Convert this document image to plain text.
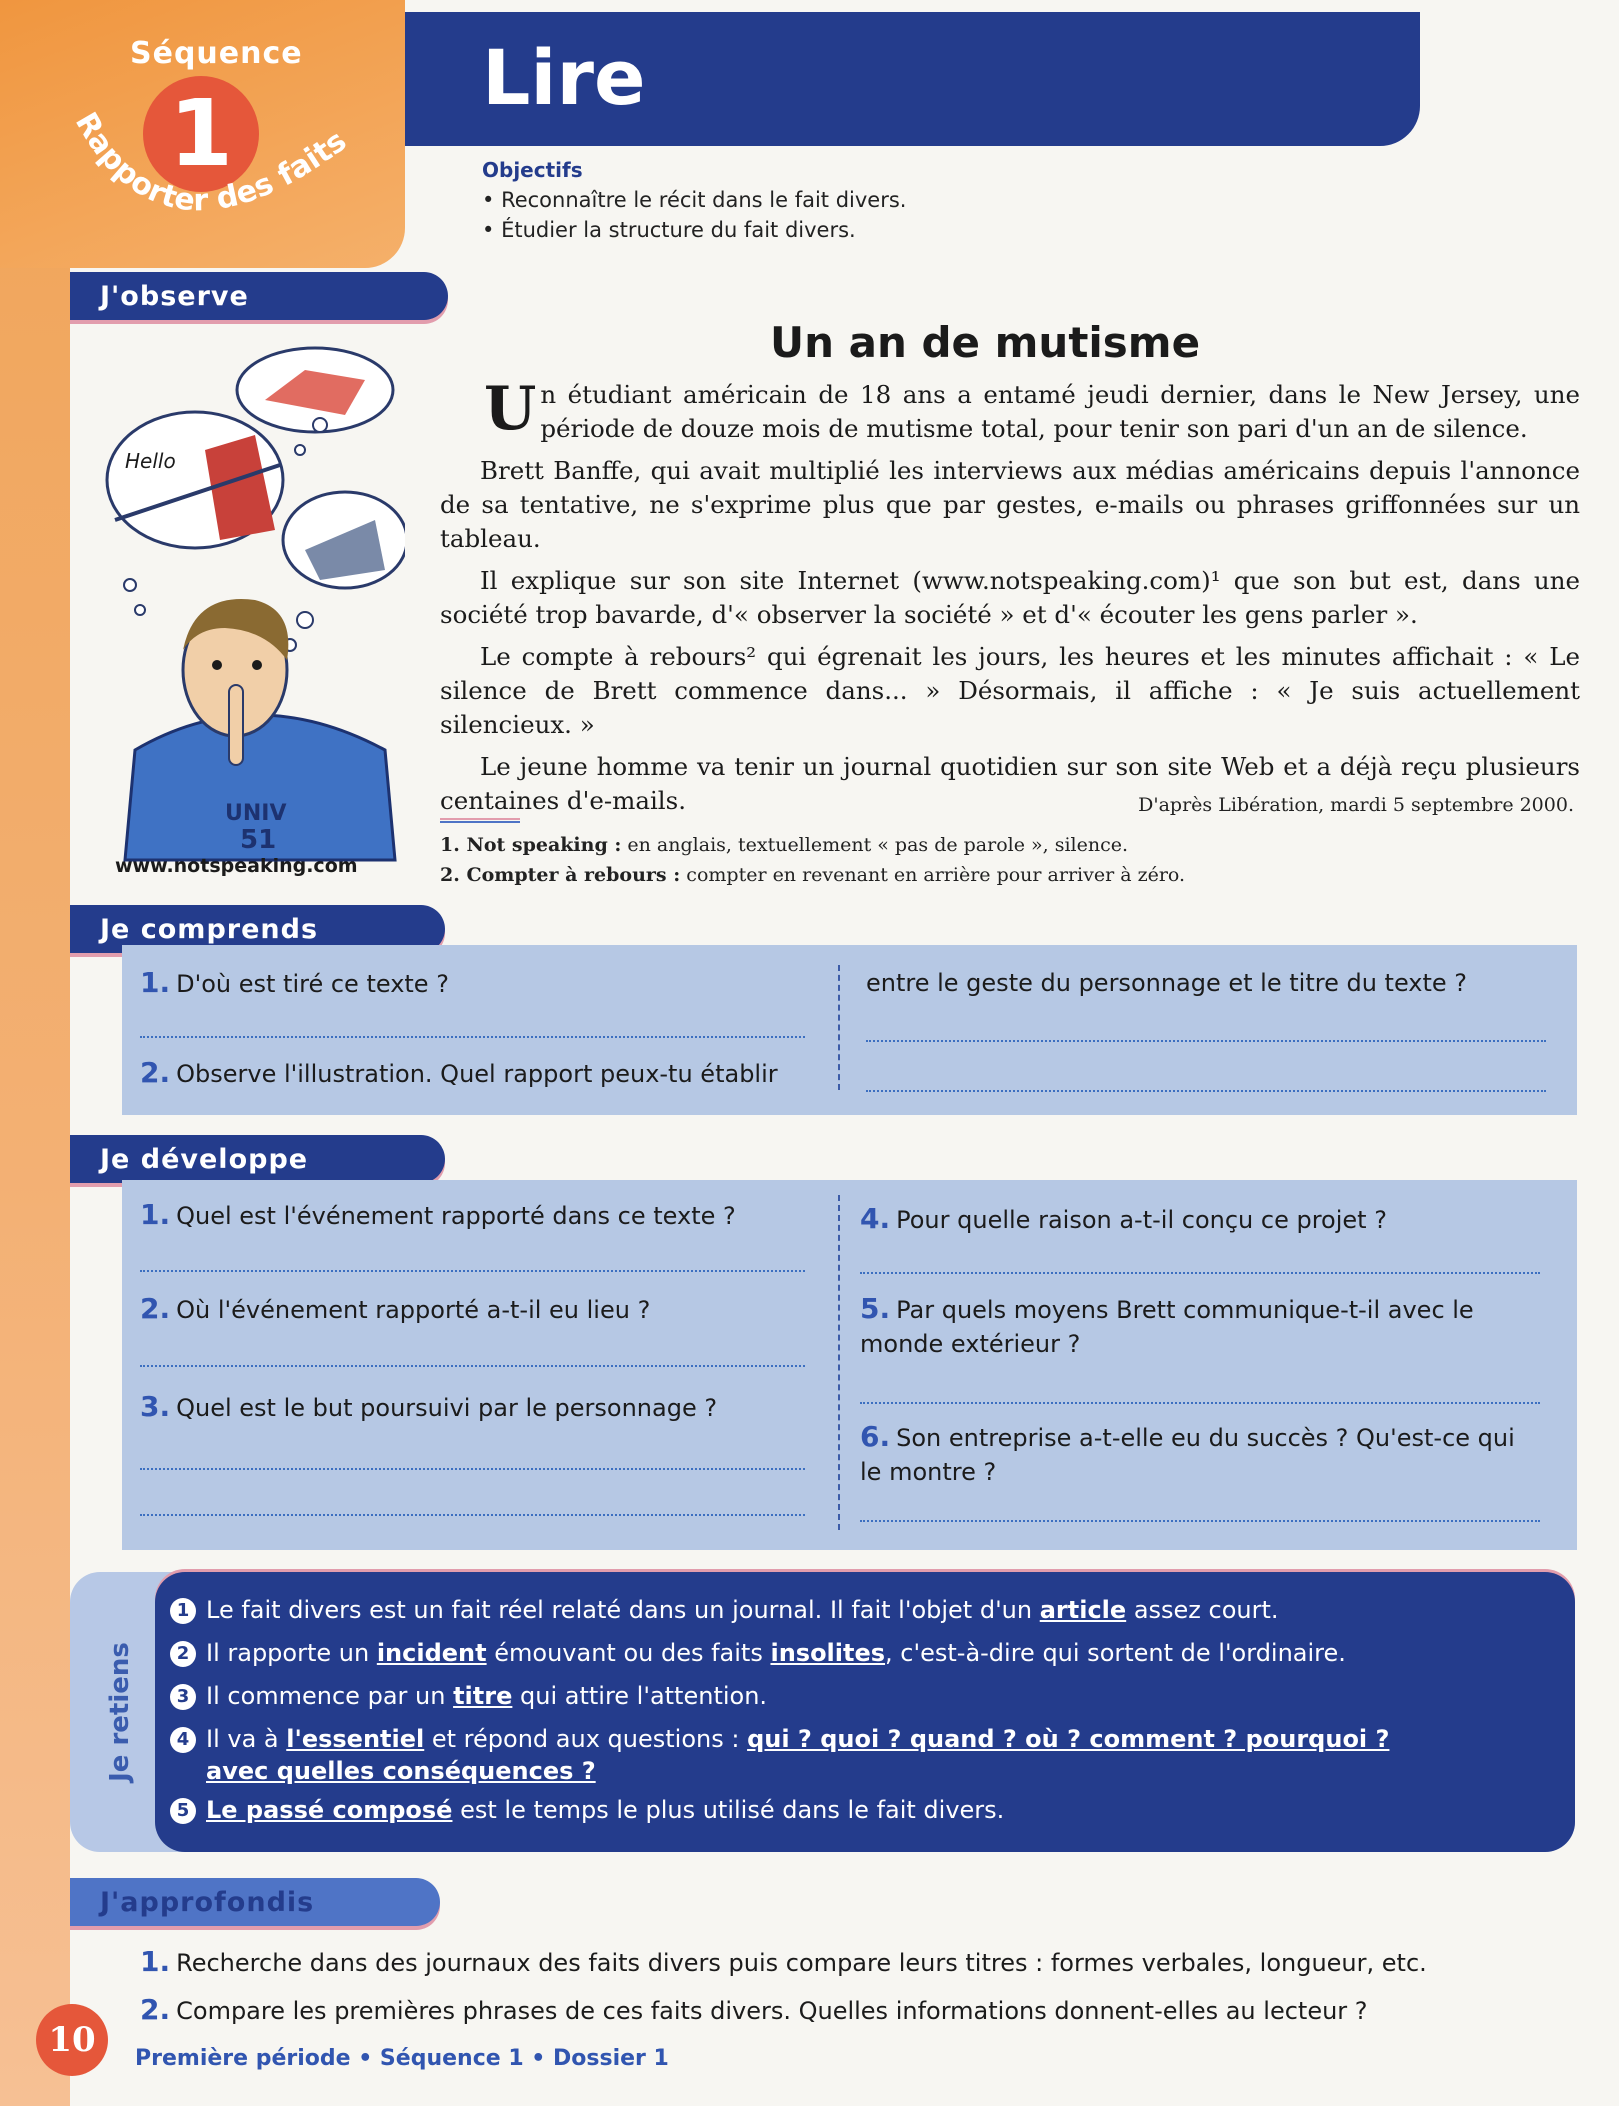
Séquence
1
Rapporter des faits
Lire
Objectifs
• Reconnaître le récit dans le fait divers.
• Étudier la structure du fait divers.
J'observe
Hello
UNIV
51
www.notspeaking.com
Un an de mutisme

Un étudiant américain de 18 ans a entamé jeudi dernier, dans le New Jersey, une période de douze mois de mutisme total, pour tenir son pari d'un an de silence.

Brett Banffe, qui avait multiplié les interviews aux médias américains depuis l'annonce de sa tentative, ne s'exprime plus que par gestes, e-mails ou phrases griffonnées sur un tableau.

Il explique sur son site Internet (www.notspeaking.com)¹ que son but est, dans une société trop bavarde, d'« observer la société » et d'« écouter les gens parler ».

Le compte à rebours² qui égrenait les jours, les heures et les minutes affichait : « Le silence de Brett commence dans... » Désormais, il affiche : « Je suis actuellement silencieux. »

Le jeune homme va tenir un journal quotidien sur son site Web et a déjà reçu plusieurs centaines d'e-mails.	D'après Libération, mardi 5 septembre 2000.
1. Not speaking : en anglais, textuellement « pas de parole », silence.
2. Compter à rebours : compter en revenant en arrière pour arriver à zéro.
Je comprends
1. D'où est tiré ce texte ?
2. Observe l'illustration. Quel rapport peux-tu établir
entre le geste du personnage et le titre du texte ?
Je développe
1. Quel est l'événement rapporté dans ce texte ?
2. Où l'événement rapporté a-t-il eu lieu ?
3. Quel est le but poursuivi par le personnage ?
4. Pour quelle raison a-t-il conçu ce projet ?
5. Par quels moyens Brett communique-t-il avec le
monde extérieur ?
6. Son entreprise a-t-elle eu du succès ? Qu'est-ce qui
le montre ?
Je retiens
1 Le fait divers est un fait réel relaté dans un journal. Il fait l'objet d'un article assez court.
2 Il rapporte un incident émouvant ou des faits insolites, c'est-à-dire qui sortent de l'ordinaire.
3 Il commence par un titre qui attire l'attention.
4 Il va à l'essentiel et répond aux questions : qui ? quoi ? quand ? où ? comment ? pourquoi ?
avec quelles conséquences ?
5 Le passé composé est le temps le plus utilisé dans le fait divers.
J'approfondis
1. Recherche dans des journaux des faits divers puis compare leurs titres : formes verbales, longueur, etc.
2. Compare les premières phrases de ces faits divers. Quelles informations donnent-elles au lecteur ?
10	Première période • Séquence 1 • Dossier 1
